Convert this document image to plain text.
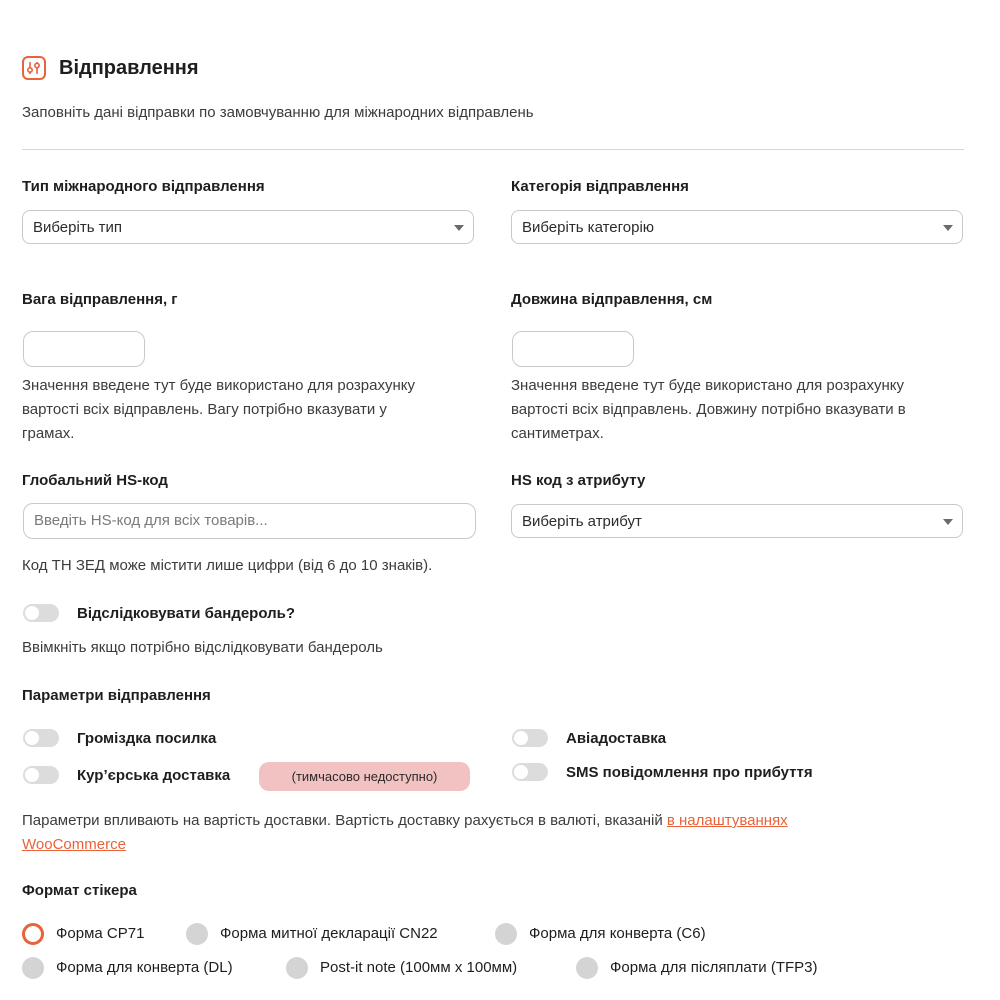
Відправлення
Заповніть дані відправки по замовчуванню для міжнародних відправлень
Тип міжнародного відправлення
Виберіть тип
Категорія відправлення
Виберіть категорію
Вага відправлення, г
Значення введене тут буде використано для розрахунку
вартості всіх відправлень. Вагу потрібно вказувати у
грамах.
Довжина відправлення, см
Значення введене тут буде використано для розрахунку
вартості всіх відправлень. Довжину потрібно вказувати в
сантиметрах.
Глобальний HS-код
Введіть HS-код для всіх товарів...
Код ТН ЗЕД може містити лише цифри (від 6 до 10 знаків).
HS код з атрибуту
Виберіть атрибут
Відслідковувати бандероль?
Ввімкніть якщо потрібно відслідковувати бандероль
Параметри відправлення
Громіздка посилка	Авіадоставка
Кур’єрська доставка	(тимчасово недоступно)	SMS повідомлення про прибуття
Параметри впливають на вартість доставки. Вартість доставку рахується в валюті, вказаній в налаштуваннях
WooCommerce
Формат стікера
Форма CP71	Форма митної декларації CN22	Форма для конверта (C6)
Форма для конверта (DL)	Post-it note (100мм x 100мм)	Форма для післяплати (TFP3)
